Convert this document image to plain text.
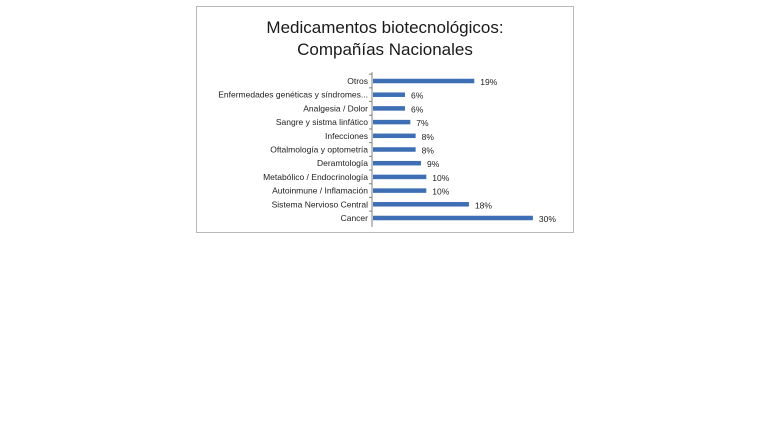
Medicamentos biotecnológicos:
Compañías Nacionales
Otros	19%
Enfermedades genéticas y síndromes...	6%
Analgesia / Dolor	6%
Sangre y sistma linfático	7%
Infecciones	8%
Oftalmología y optometría	8%
Deramtología	9%
Metabólico / Endocrinología	10%
Autoinmune / Inflamación	10%
Sistema Nervioso Central	18%
Cancer	30%
